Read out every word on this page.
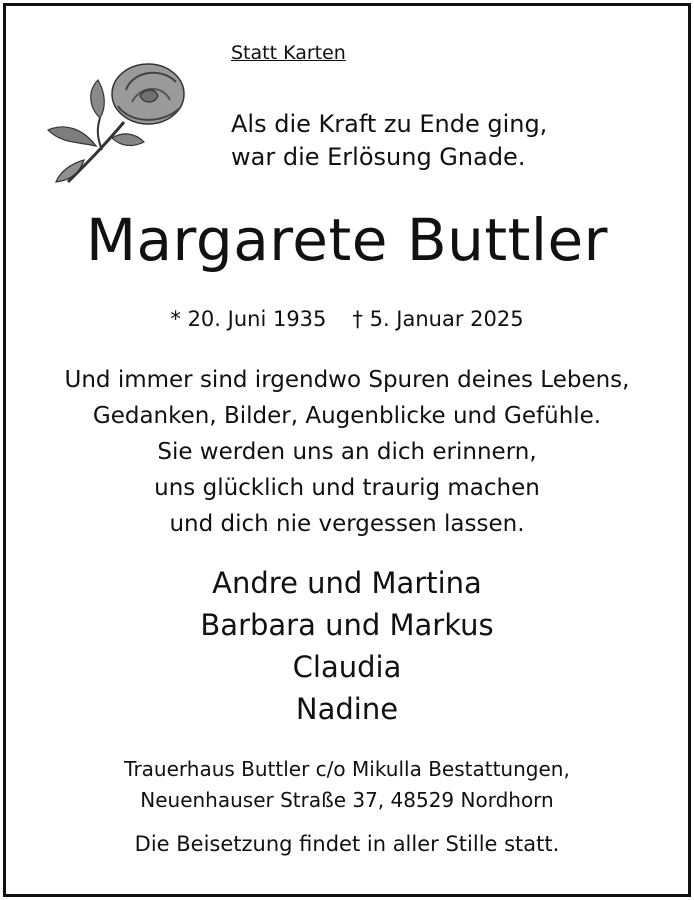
Statt Karten

Als die Kraft zu Ende ging,
war die Erlösung Gnade.
Margarete Buttler
* 20. Juni 1935 † 5. Januar 2025
Und immer sind irgendwo Spuren deines Lebens,
Gedanken, Bilder, Augenblicke und Gefühle.
Sie werden uns an dich erinnern,
uns glücklich und traurig machen
und dich nie vergessen lassen.
Andre und Martina
Barbara und Markus
Claudia
Nadine
Trauerhaus Buttler c/o Mikulla Bestattungen,
Neuenhauser Straße 37, 48529 Nordhorn
Die Beisetzung findet in aller Stille statt.
